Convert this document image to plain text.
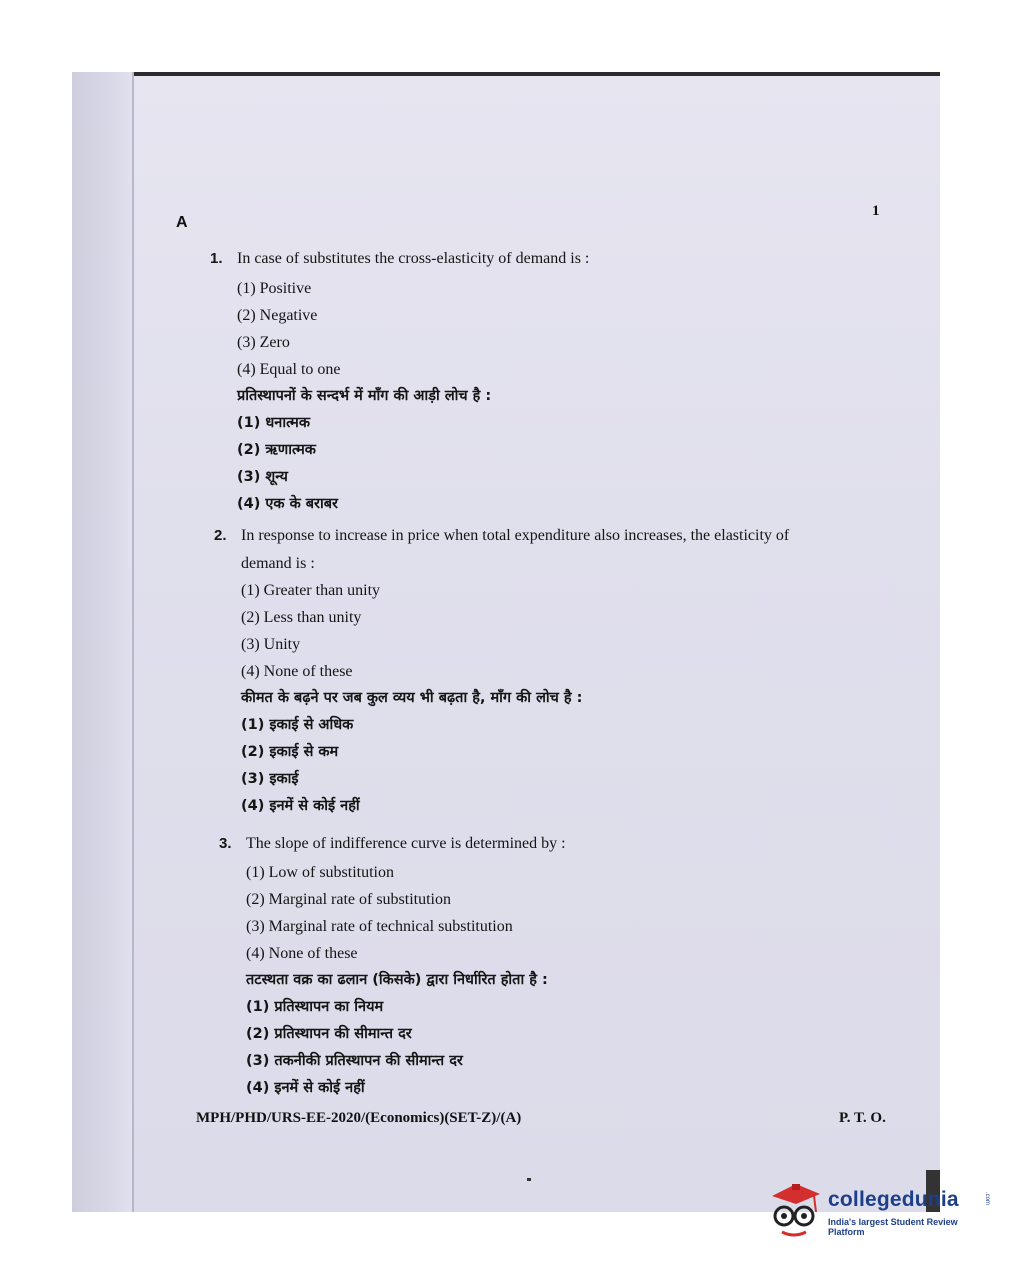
A
1
1. In case of substitutes the cross-elasticity of demand is :
(1) Positive
(2) Negative
(3) Zero
(4) Equal to one
प्रतिस्थापनों के सन्दर्भ में माँग की आड़ी लोच है :
(1) धनात्मक
(2) ऋणात्मक
(3) शून्य
(4) एक के बराबर
2. In response to increase in price when total expenditure also increases, the elasticity of
demand is :
(1) Greater than unity
(2) Less than unity
(3) Unity
(4) None of these
कीमत के बढ़ने पर जब कुल व्यय भी बढ़ता है, माँग की लोच है :
(1) इकाई से अधिक
(2) इकाई से कम
(3) इकाई
(4) इनमें से कोई नहीं
3. The slope of indifference curve is determined by :
(1) Low of substitution
(2) Marginal rate of substitution
(3) Marginal rate of technical substitution
(4) None of these
तटस्थता वक्र का ढलान (किसके) द्वारा निर्धारित होता है :
(1) प्रतिस्थापन का नियम
(2) प्रतिस्थापन की सीमान्त दर
(3) तकनीकी प्रतिस्थापन की सीमान्त दर
(4) इनमें से कोई नहीं
MPH/PHD/URS-EE-2020/(Economics)(SET-Z)/(A)	P. T. O.
collegedunia	.com
India's largest Student Review Platform
